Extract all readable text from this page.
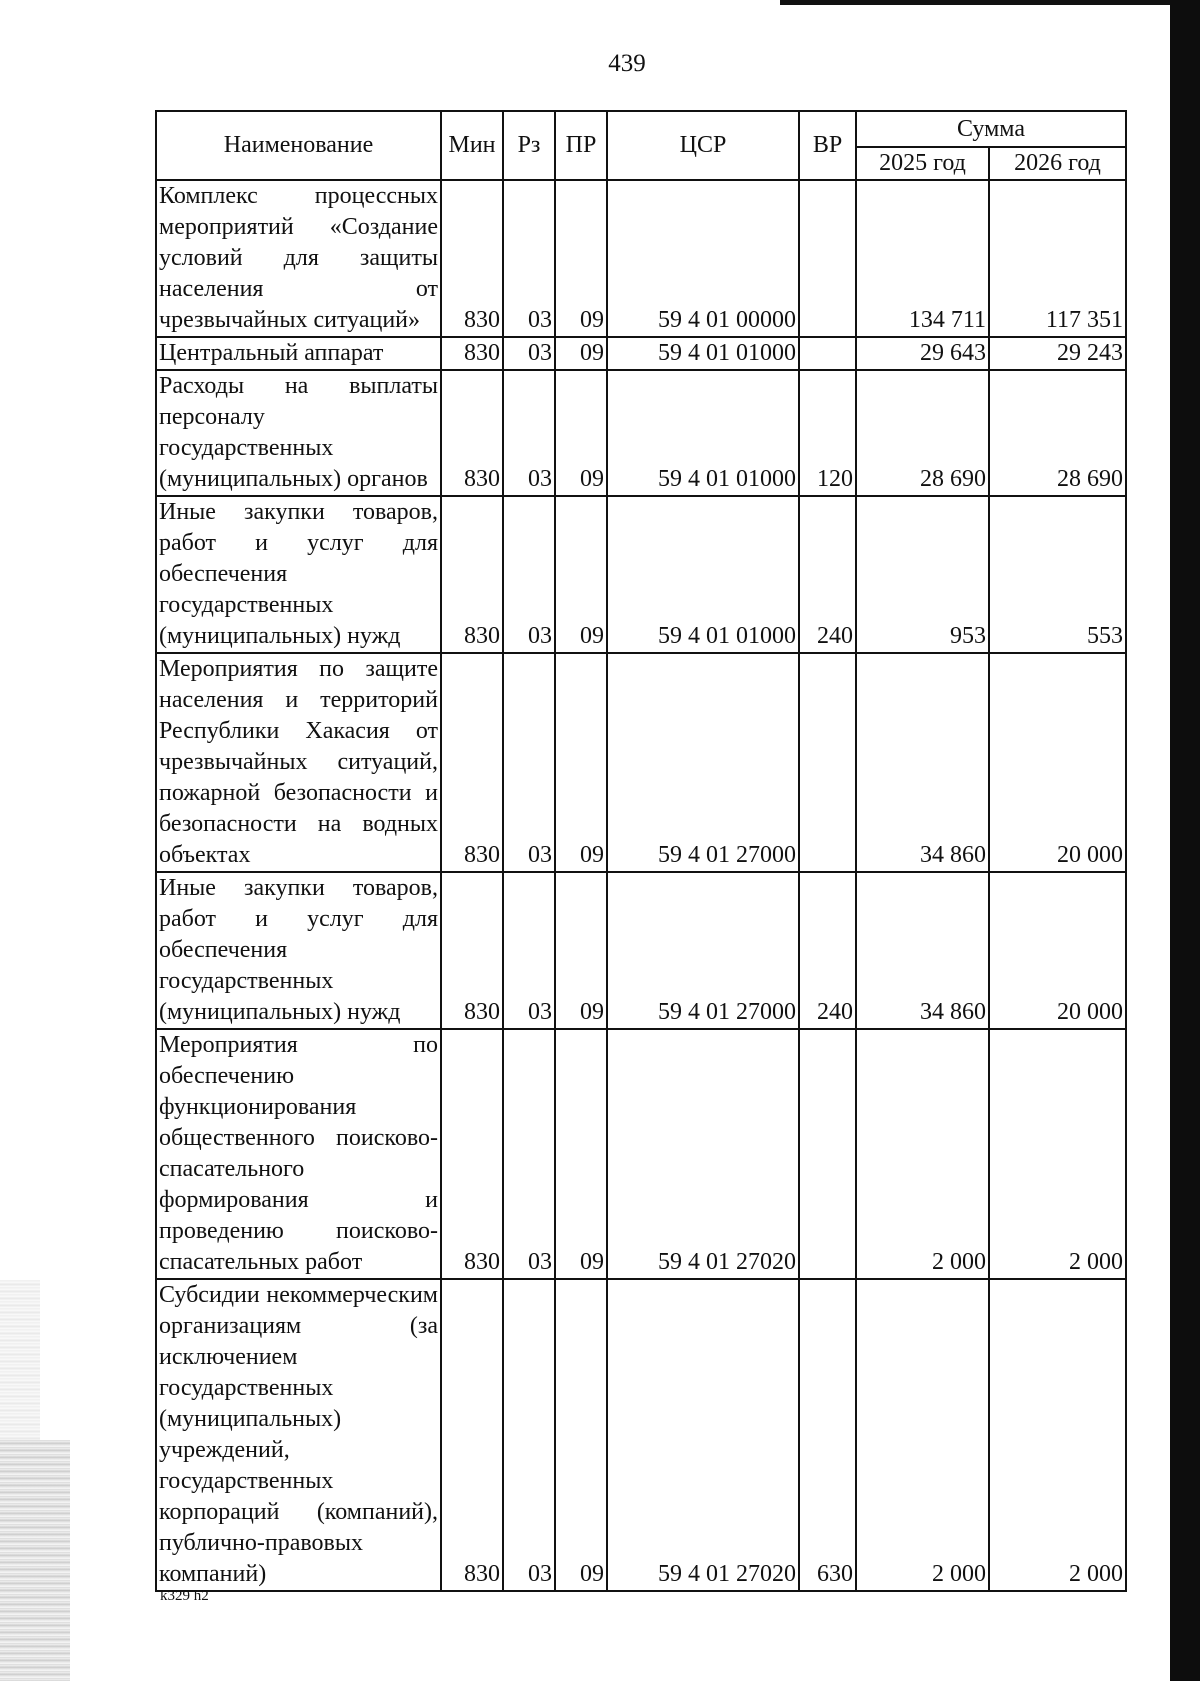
439
Наименование	Мин	Рз	ПР	ЦСР	ВР	Сумма	
						2025 год	2026 год
Комплекс процессных мероприятий «Создание условий для защиты населения от чрезвычайных ситуаций»	830	03	09	59 4 01 00000		134 711	117 351
Центральный аппарат	830	03	09	59 4 01 01000		29 643	29 243
Расходы на выплаты персоналу государственных (муниципальных) органов	830	03	09	59 4 01 01000	120	28 690	28 690
Иные закупки товаров, работ и услуг для обеспечения государственных (муниципальных) нужд	830	03	09	59 4 01 01000	240	953	553
Мероприятия по защите населения и территорий Республики Хакасия от чрезвычайных ситуаций, пожарной безопасности и безопасности на водных объектах	830	03	09	59 4 01 27000		34 860	20 000
Иные закупки товаров, работ и услуг для обеспечения государственных (муниципальных) нужд	830	03	09	59 4 01 27000	240	34 860	20 000
Мероприятия по обеспечению функционирования общественного поисково-спасательного формирования и проведению поисково-спасательных работ	830	03	09	59 4 01 27020		2 000	2 000
Субсидии некоммерческим организациям (за исключением государственных (муниципальных) учреждений, государственных корпораций (компаний), публично-правовых компаний)	830	03	09	59 4 01 27020	630	2 000	2 000
k329 h2
